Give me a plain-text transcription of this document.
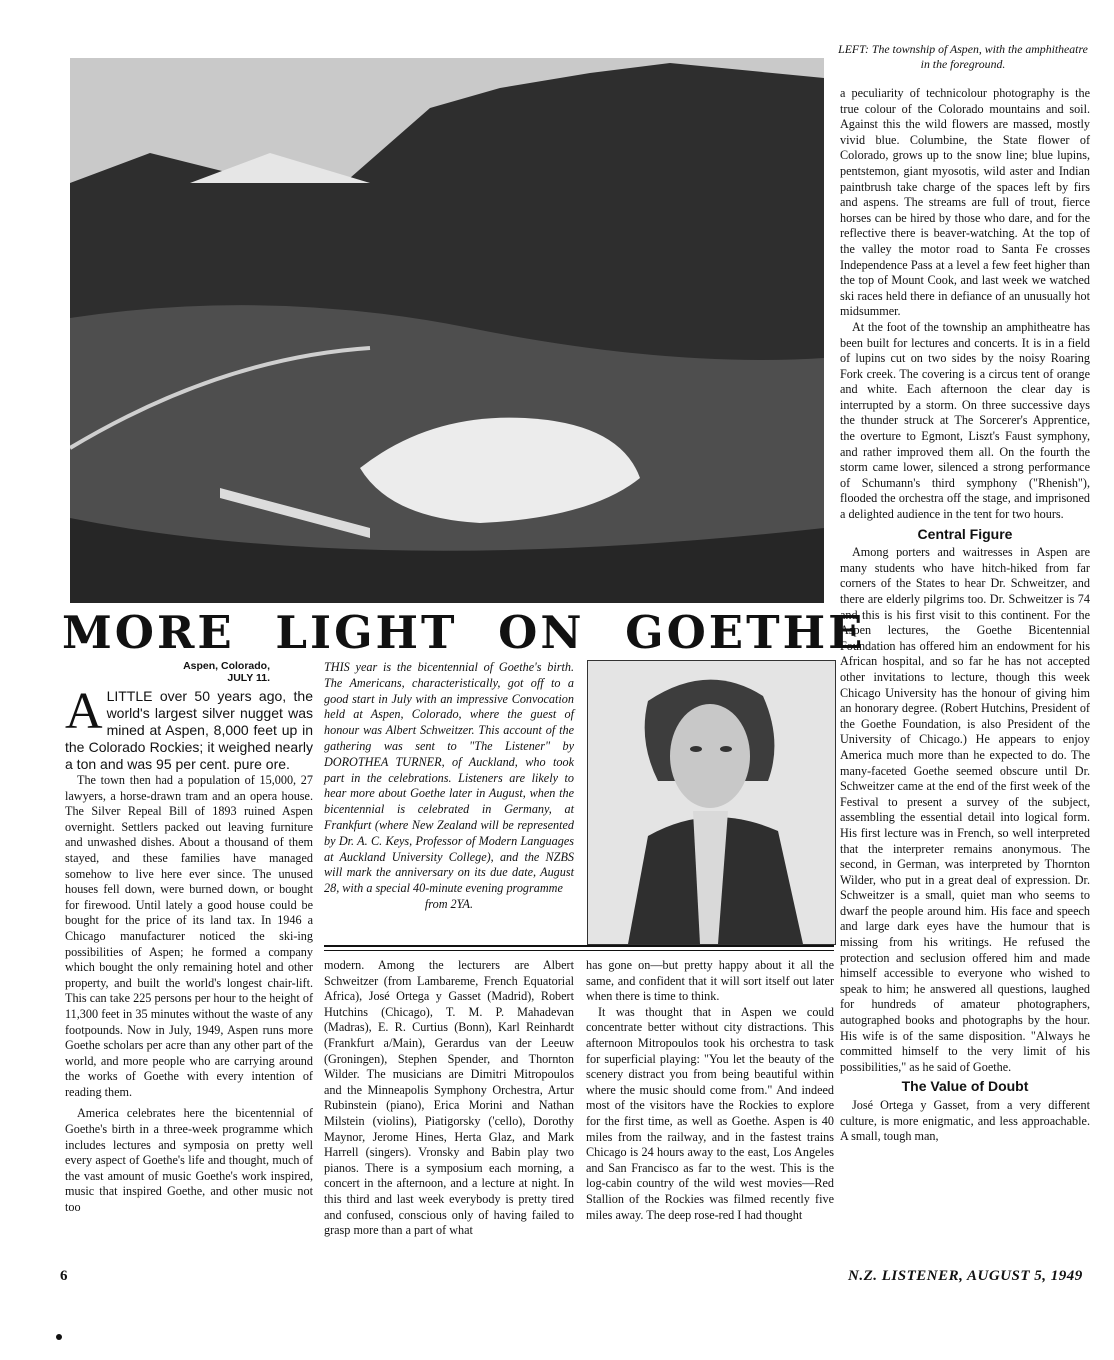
LEFT: The township of Aspen, with the amphitheatre in the foreground.
MORE LIGHT ON GOETHE
Aspen, Colorado,
JULY 11.

ALITTLE over 50 years ago, the world's largest silver nugget was mined at Aspen, 8,000 feet up in the Colorado Rockies; it weighed nearly a ton and was 95 per cent. pure ore.

The town then had a population of 15,000, 27 lawyers, a horse-drawn tram and an opera house. The Silver Repeal Bill of 1893 ruined Aspen overnight. Settlers packed out leaving furniture and unwashed dishes. About a thousand of them stayed, and these families have managed somehow to live here ever since. The unused houses fell down, were burned down, or bought for firewood. Until lately a good house could be bought for the price of its land tax. In 1946 a Chicago manufacturer noticed the ski-ing possibilities of Aspen; he formed a company which bought the only remaining hotel and other property, and built the world's longest chair-lift. This can take 225 persons per hour to the height of 11,300 feet in 35 minutes without the waste of any footpounds. Now in July, 1949, Aspen runs more Goethe scholars per acre than any other part of the world, and more people who are carrying around the works of Goethe with every intention of reading them.

America celebrates here the bicentennial of Goethe's birth in a three-week programme which includes lectures and symposia on pretty well every aspect of Goethe's life and thought, much of the vast amount of music Goethe's work inspired, music that inspired Goethe, and other music not too

THIS year is the bicentennial of Goethe's birth. The Americans, characteristically, got off to a good start in July with an impressive Convocation held at Aspen, Colorado, where the guest of honour was Albert Schweitzer. This account of the gathering was sent to "The Listener" by DOROTHEA TURNER, of Auckland, who took part in the celebrations. Listeners are likely to hear more about Goethe later in August, when the bicentennial is celebrated in Germany, at Frankfurt (where New Zealand will be represented by Dr. A. C. Keys, Professor of Modern Languages at Auckland University College), and the NZBS will mark the anniversary on its due date, August 28, with a special 40-minute evening programme
from 2YA.

modern. Among the lecturers are Albert Schweitzer (from Lambareme, French Equatorial Africa), José Ortega y Gasset (Madrid), Robert Hutchins (Chicago), T. M. P. Mahadevan (Madras), E. R. Curtius (Bonn), Karl Reinhardt (Frankfurt a/Main), Gerardus van der Leeuw (Groningen), Stephen Spender, and Thornton Wilder. The musicians are Dimitri Mitropoulos and the Minneapolis Symphony Orchestra, Artur Rubinstein (piano), Erica Morini and Nathan Milstein (violins), Piatigorsky ('cello), Dorothy Maynor, Jerome Hines, Herta Glaz, and Mark Harrell (singers). Vronsky and Babin play two pianos. There is a symposium each morning, a concert in the afternoon, and a lecture at night. In this third and last week everybody is pretty tired and confused, conscious only of having failed to grasp more than a part of what

has gone on—but pretty happy about it all the same, and confident that it will sort itself out later when there is time to think.

It was thought that in Aspen we could concentrate better without city distractions. This afternoon Mitropoulos took his orchestra to task for superficial playing: "You let the beauty of the scenery distract you from being beautiful within where the music should come from." And indeed most of the visitors have the Rockies to explore for the first time, as well as Goethe. Aspen is 40 miles from the railway, and in the fastest trains Chicago is 24 hours away to the east, Los Angeles and San Francisco as far to the west. This is the log-cabin country of the wild west movies—Red Stallion of the Rockies was filmed recently five miles away. The deep rose-red I had thought

a peculiarity of technicolour photography is the true colour of the Colorado mountains and soil. Against this the wild flowers are massed, mostly vivid blue. Columbine, the State flower of Colorado, grows up to the snow line; blue lupins, pentstemon, giant myosotis, wild aster and Indian paintbrush take charge of the spaces left by firs and aspens. The streams are full of trout, fierce horses can be hired by those who dare, and for the reflective there is beaver-watching. At the top of the valley the motor road to Santa Fe crosses Independence Pass at a level a few feet higher than the top of Mount Cook, and last week we watched ski races held there in defiance of an unusually hot midsummer.

At the foot of the township an amphitheatre has been built for lectures and concerts. It is in a field of lupins cut on two sides by the noisy Roaring Fork creek. The covering is a circus tent of orange and white. Each afternoon the clear day is interrupted by a storm. On three successive days the thunder struck at The Sorcerer's Apprentice, the overture to Egmont, Liszt's Faust symphony, and rather improved them all. On the fourth the storm came lower, silenced a strong performance of Schumann's third symphony ("Rhenish"), flooded the orchestra off the stage, and imprisoned a delighted audience in the tent for two hours.

Central Figure

Among porters and waitresses in Aspen are many students who have hitch-hiked from far corners of the States to hear Dr. Schweitzer, and there are elderly pilgrims too. Dr. Schweitzer is 74 and this is his first visit to this continent. For the Aspen lectures, the Goethe Bicentennial Foundation has offered him an endowment for his African hospital, and so far he has not accepted other invitations to lecture, though this week Chicago University has the honour of giving him an honorary degree. (Robert Hutchins, President of the Goethe Foundation, is also President of the University of Chicago.) He appears to enjoy America much more than he expected to do. The many-faceted Goethe seemed obscure until Dr. Schweitzer came at the end of the first week of the Festival to present a survey of the subject, assembling the essential detail into logical form. His first lecture was in French, so well interpreted that the interpreter remains anonymous. The second, in German, was interpreted by Thornton Wilder, who put in a great deal of expression. Dr. Schweitzer is a small, quiet man who seems to dwarf the people around him. His face and speech and large dark eyes have the humour that is missing from his writings. He refused the protection and seclusion offered him and made himself accessible to everyone who wished to speak to him; he answered all questions, laughed for hundreds of amateur photographers, autographed books and photographs by the hour. His wife is of the same disposition. "Always he committed himself to the very limit of his possibilities," as he said of Goethe.

The Value of Doubt

José Ortega y Gasset, from a very different culture, is more enigmatic, and less approachable. A small, tough man,

6	N.Z. LISTENER, AUGUST 5, 1949
